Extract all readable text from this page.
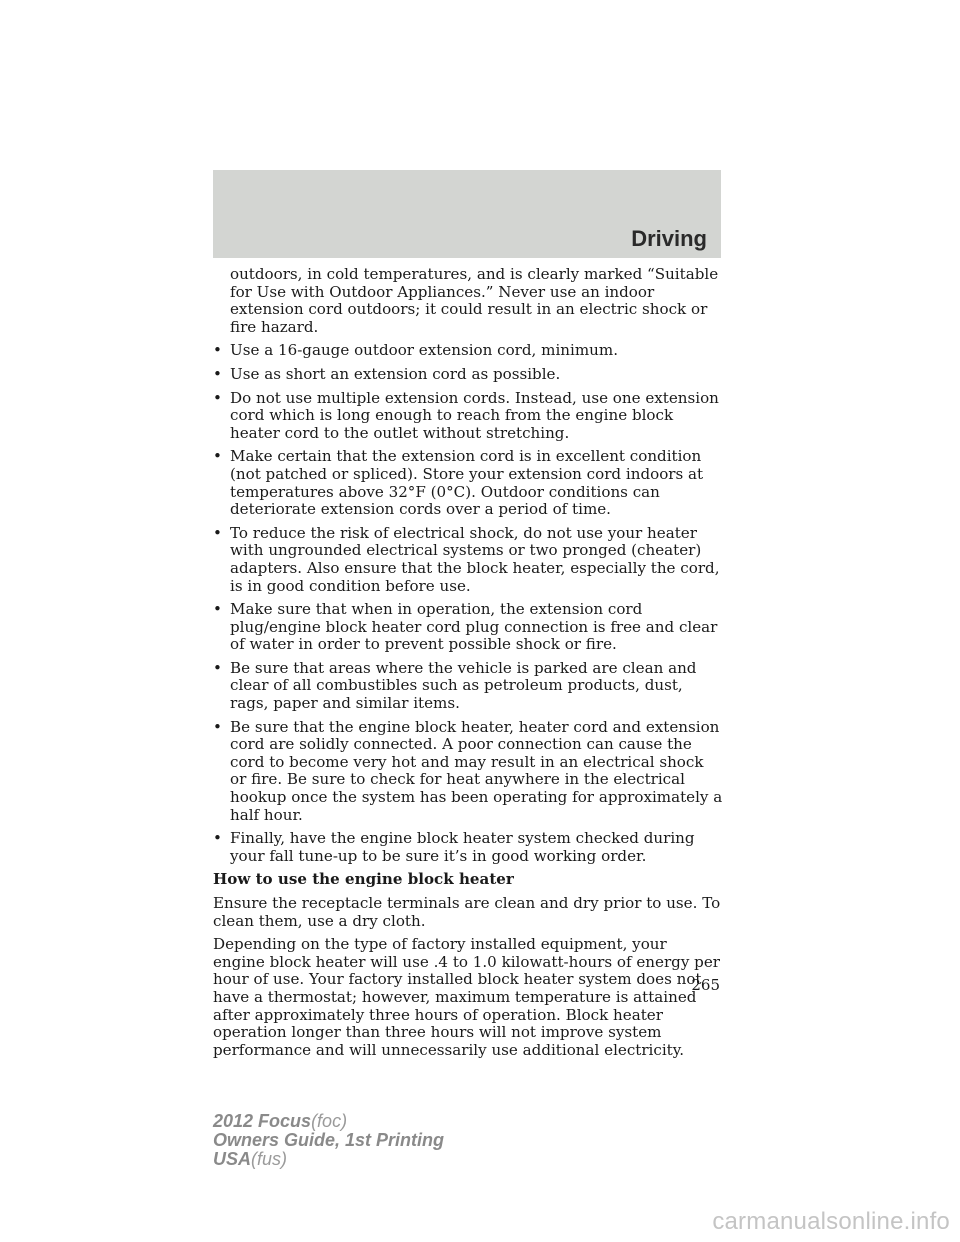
Driving

outdoors, in cold temperatures, and is clearly marked “Suitable for Use with Outdoor Appliances.” Never use an indoor extension cord outdoors; it could result in an electric shock or fire hazard.

• Use a 16-gauge outdoor extension cord, minimum.
• Use as short an extension cord as possible.
• Do not use multiple extension cords. Instead, use one extension cord which is long enough to reach from the engine block heater cord to the outlet without stretching.
• Make certain that the extension cord is in excellent condition (not patched or spliced). Store your extension cord indoors at temperatures above 32°F (0°C). Outdoor conditions can deteriorate extension cords over a period of time.
• To reduce the risk of electrical shock, do not use your heater with ungrounded electrical systems or two pronged (cheater) adapters. Also ensure that the block heater, especially the cord, is in good condition before use.
• Make sure that when in operation, the extension cord plug/engine block heater cord plug connection is free and clear of water in order to prevent possible shock or fire.
• Be sure that areas where the vehicle is parked are clean and clear of all combustibles such as petroleum products, dust, rags, paper and similar items.
• Be sure that the engine block heater, heater cord and extension cord are solidly connected. A poor connection can cause the cord to become very hot and may result in an electrical shock or fire. Be sure to check for heat anywhere in the electrical hookup once the system has been operating for approximately a half hour.
• Finally, have the engine block heater system checked during your fall tune-up to be sure it’s in good working order.

How to use the engine block heater

Ensure the receptacle terminals are clean and dry prior to use. To clean them, use a dry cloth.

Depending on the type of factory installed equipment, your engine block heater will use .4 to 1.0 kilowatt-hours of energy per hour of use. Your factory installed block heater system does not have a thermostat; however, maximum temperature is attained after approximately three hours of operation. Block heater operation longer than three hours will not improve system performance and will unnecessarily use additional electricity.

265
2012 Focus(foc)
Owners Guide, 1st Printing
USA(fus)
carmanualsonline.info
